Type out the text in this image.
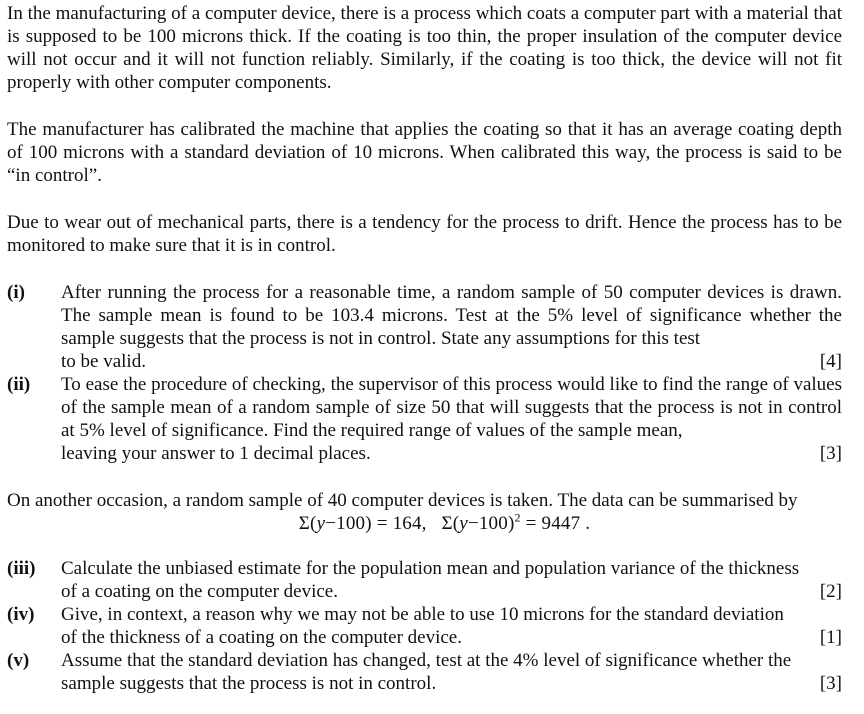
In the manufacturing of a computer device, there is a process which coats a computer part with a material that is supposed to be 100 microns thick. If the coating is too thin, the proper insulation of the computer device will not occur and it will not function reliably. Similarly, if the coating is too thick, the device will not fit properly with other computer components.

The manufacturer has calibrated the machine that applies the coating so that it has an average coating depth of 100 microns with a standard deviation of 10 microns. When calibrated this way, the process is said to be “in control”.

Due to wear out of mechanical parts, there is a tendency for the process to drift. Hence the process has to be monitored to make sure that it is in control.

(i)	After running the process for a reasonable time, a random sample of 50 computer devices is drawn. The sample mean is found to be 103.4 microns. Test at the 5% level of significance whether the sample suggests that the process is not in control. State any assumptions for this test
to be valid.	[4]
(ii)	To ease the procedure of checking, the supervisor of this process would like to find the range of values of the sample mean of a random sample of size 50 that will suggests that the process is not in control at 5% level of significance. Find the required range of values of the sample mean,
leaving your answer to 1 decimal places.	[3]

On another occasion, a random sample of 40 computer devices is taken. The data can be summarised by

Σ(y−100) = 164, $\Sigma(y-100)^2 = 9447$ .

(iii)	Calculate the unbiased estimate for the population mean and population variance of the thickness
of a coating on the computer device.	[2]
(iv)	Give, in context, a reason why we may not be able to use 10 microns for the standard deviation
of the thickness of a coating on the computer device.	[1]
(v)	Assume that the standard deviation has changed, test at the 4% level of significance whether the
sample suggests that the process is not in control.	[3]
